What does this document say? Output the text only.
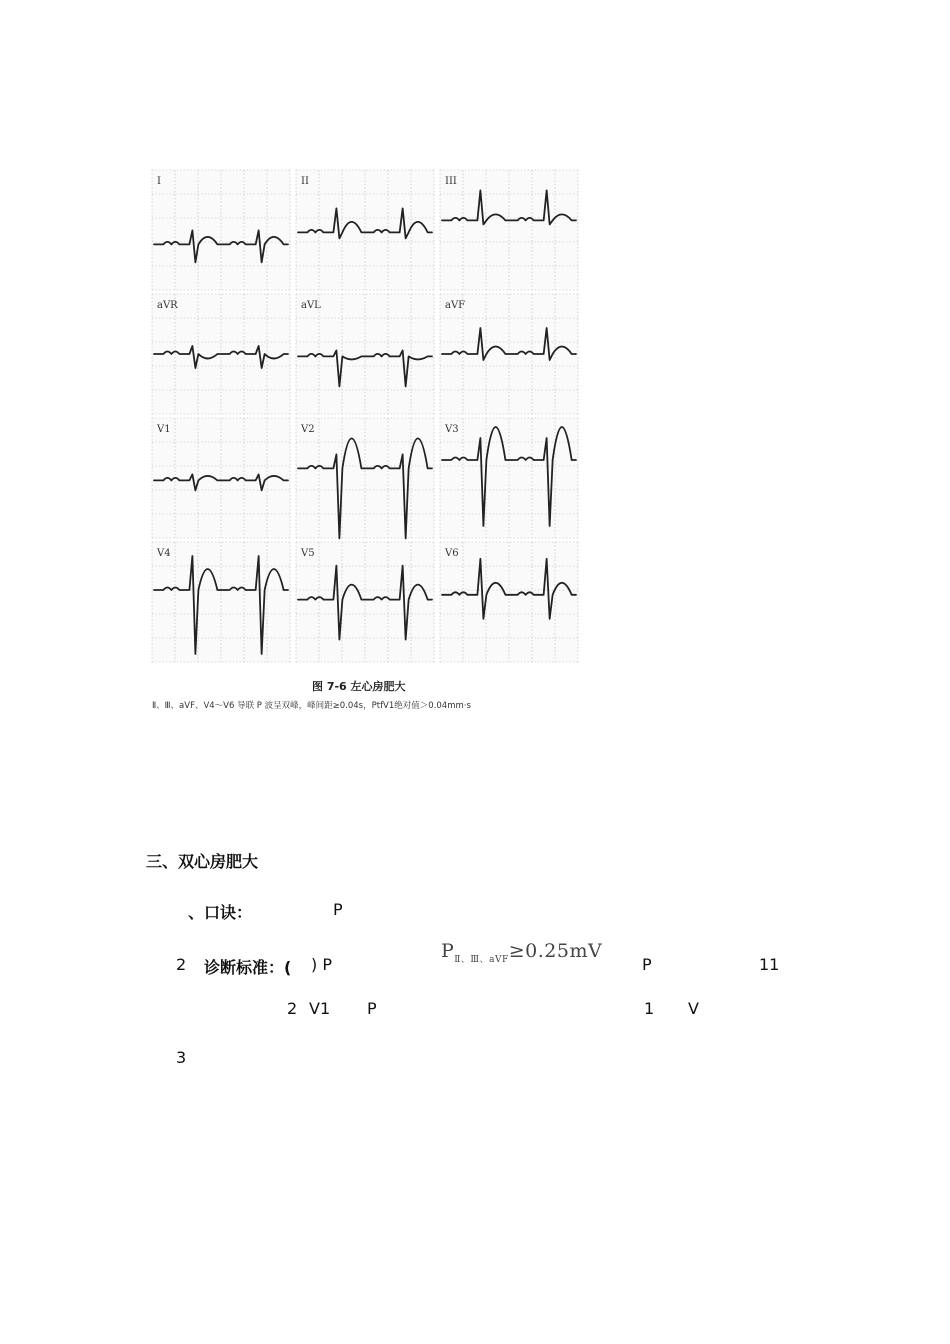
I	II	III
aVR	aVL	aVF
V1	V2	V3
V4	V5	V6
图 7-6 左心房肥大
Ⅱ、Ⅲ、aVF、V4～V6 导联 P 波呈双峰，峰间距≥0.04s，PtfV1绝对值＞0.04mm·s
三、双心房肥大
、口诀：	P
2 诊断标准：( ) P
$P_{Ⅱ、Ⅲ、aVF}\ge 0.25mV$
P	11
2 V1 P	1 V
3
